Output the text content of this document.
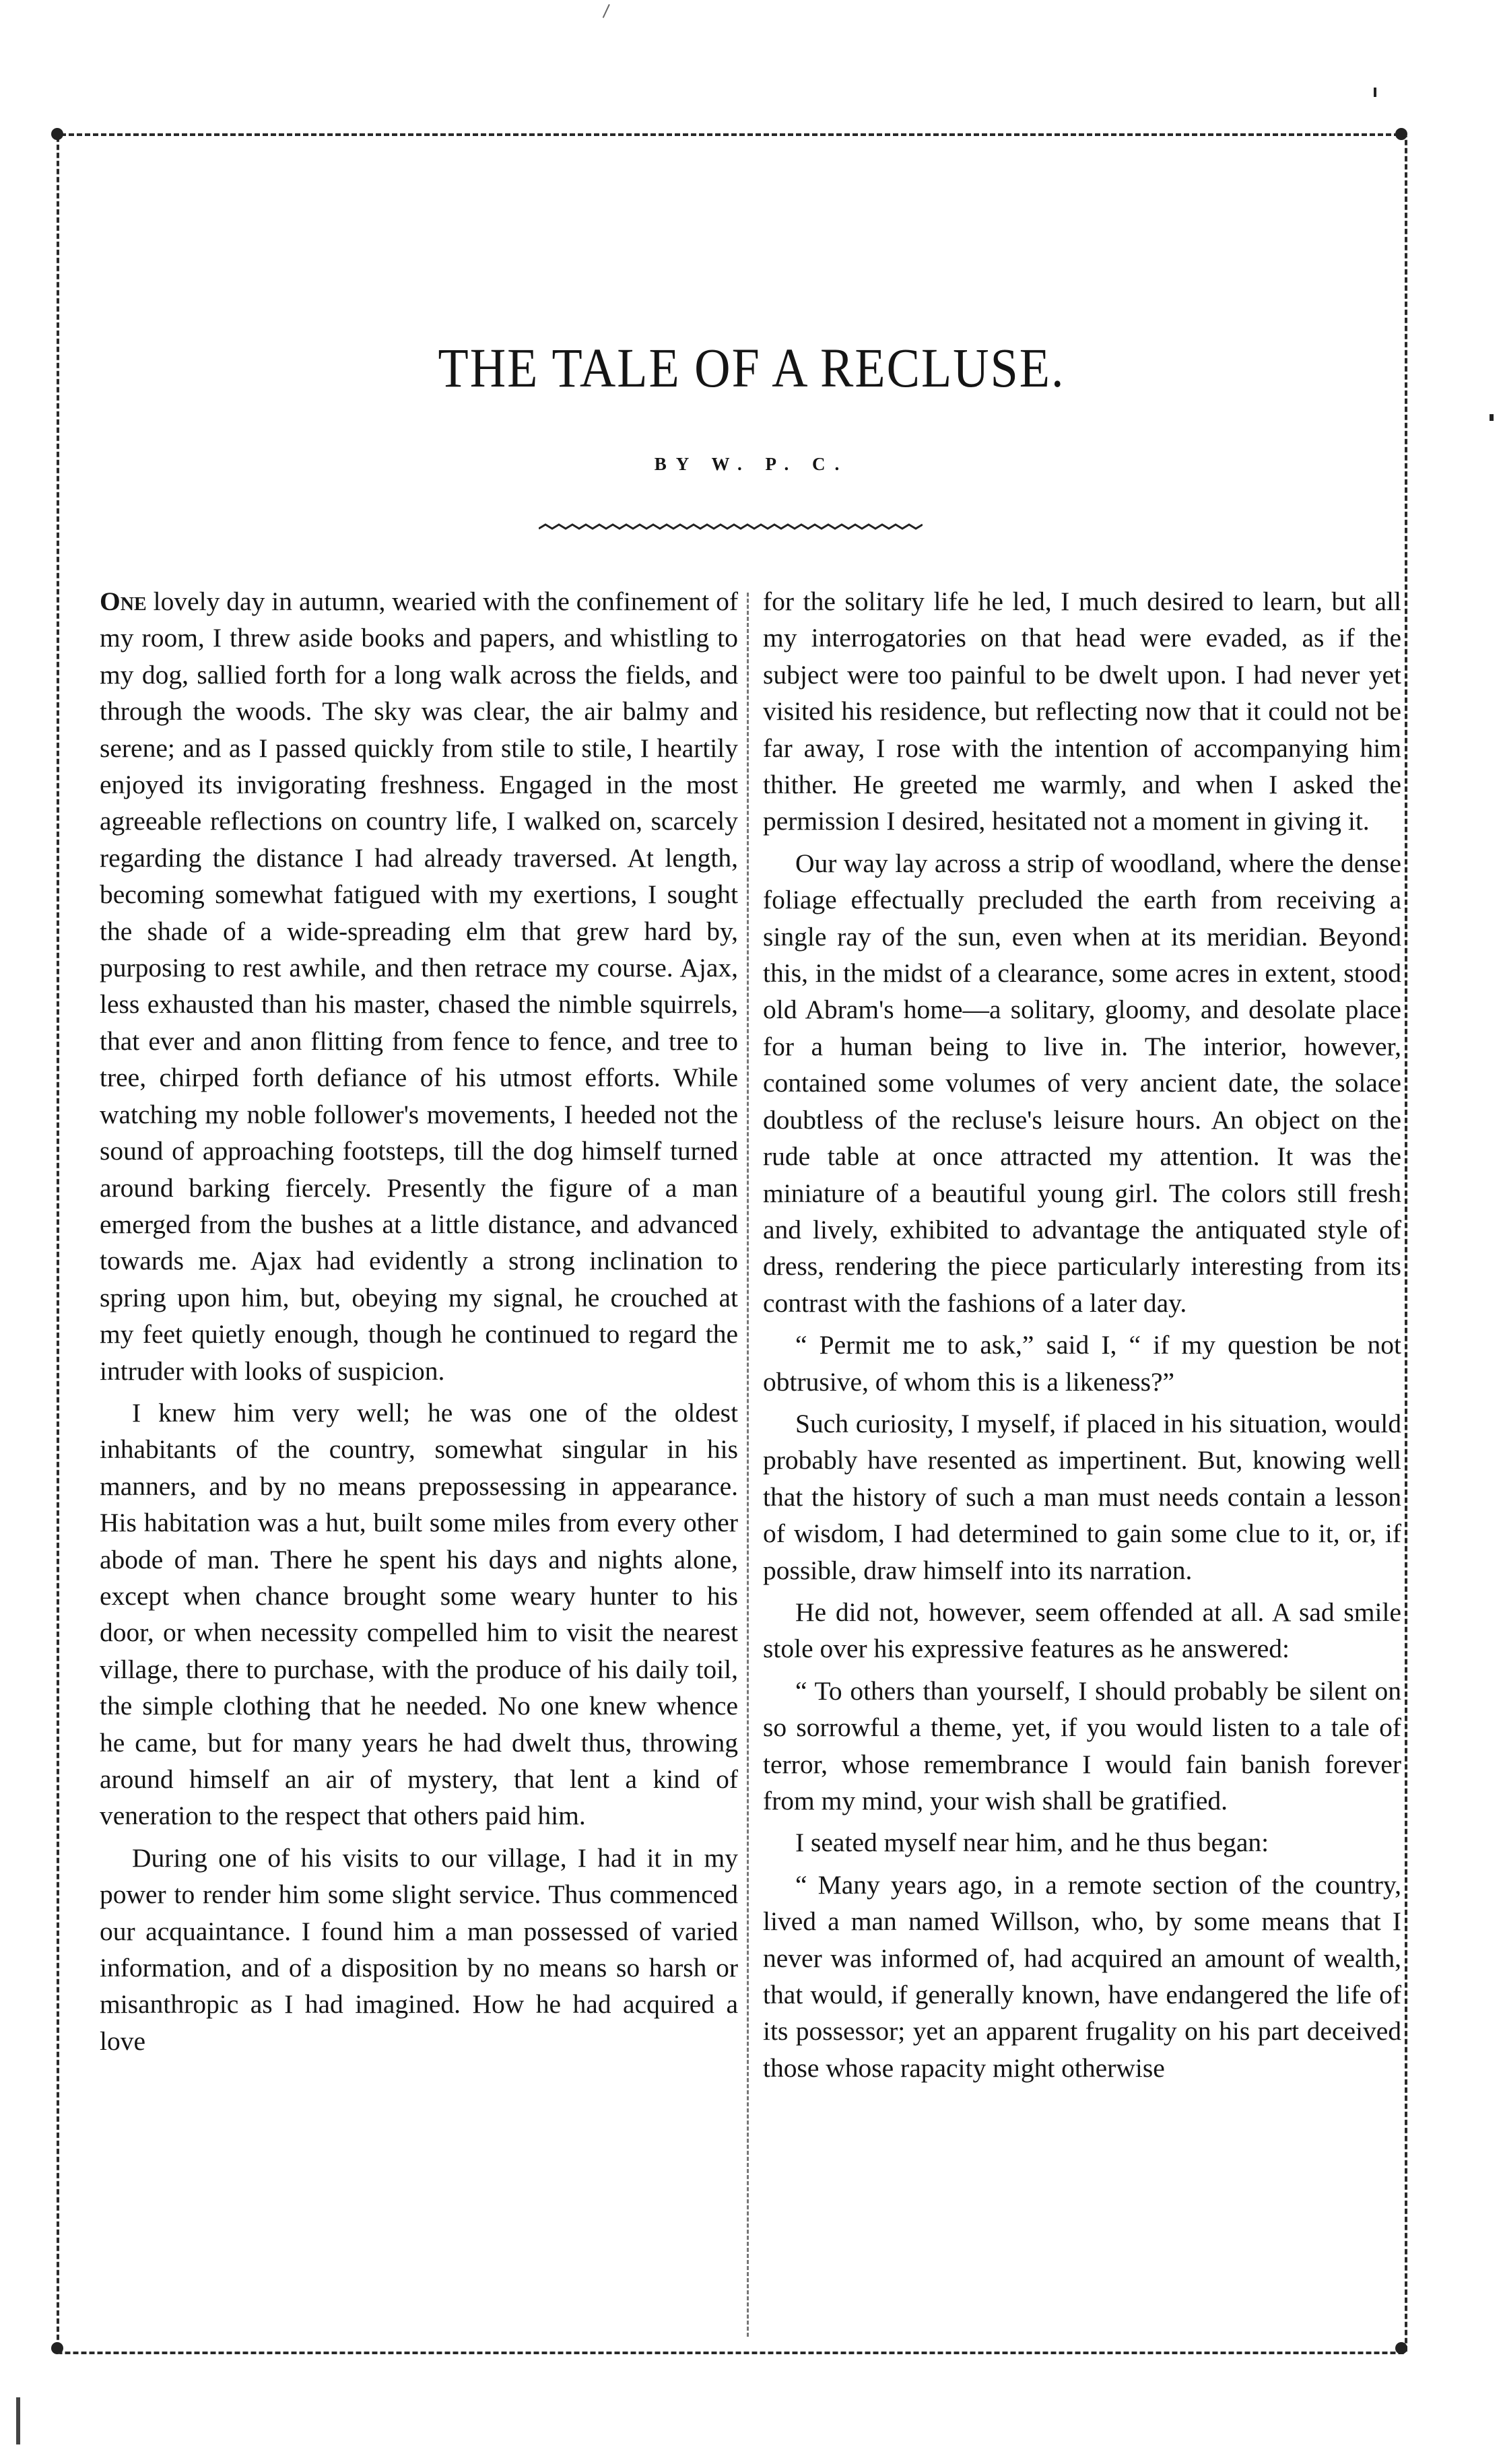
THE TALE OF A RECLUSE.
BY W. P. C.

One lovely day in autumn, wearied with the confinement of my room, I threw aside books and papers, and whistling to my dog, sallied forth for a long walk across the fields, and through the woods. The sky was clear, the air balmy and serene; and as I passed quickly from stile to stile, I heartily enjoyed its invigorating freshness. Engaged in the most agreeable reflections on country life, I walked on, scarcely regarding the distance I had already traversed. At length, becoming somewhat fatigued with my exertions, I sought the shade of a wide-spreading elm that grew hard by, purposing to rest awhile, and then retrace my course. Ajax, less exhausted than his master, chased the nimble squirrels, that ever and anon flitting from fence to fence, and tree to tree, chirped forth defiance of his utmost efforts. While watching my noble follower's movements, I heeded not the sound of approaching footsteps, till the dog himself turned around barking fiercely. Presently the figure of a man emerged from the bushes at a little distance, and advanced towards me. Ajax had evidently a strong inclination to spring upon him, but, obeying my signal, he crouched at my feet quietly enough, though he continued to regard the intruder with looks of suspicion.

I knew him very well; he was one of the oldest inhabitants of the country, somewhat singular in his manners, and by no means prepossessing in appearance. His habitation was a hut, built some miles from every other abode of man. There he spent his days and nights alone, except when chance brought some weary hunter to his door, or when necessity compelled him to visit the nearest village, there to purchase, with the produce of his daily toil, the simple clothing that he needed. No one knew whence he came, but for many years he had dwelt thus, throwing around himself an air of mystery, that lent a kind of veneration to the respect that others paid him.

During one of his visits to our village, I had it in my power to render him some slight service. Thus commenced our acquaintance. I found him a man possessed of varied information, and of a disposition by no means so harsh or misanthropic as I had imagined. How he had acquired a love

for the solitary life he led, I much desired to learn, but all my interrogatories on that head were evaded, as if the subject were too painful to be dwelt upon. I had never yet visited his residence, but reflecting now that it could not be far away, I rose with the intention of accompanying him thither. He greeted me warmly, and when I asked the permission I desired, hesitated not a moment in giving it.

Our way lay across a strip of woodland, where the dense foliage effectually precluded the earth from receiving a single ray of the sun, even when at its meridian. Beyond this, in the midst of a clearance, some acres in extent, stood old Abram's home—a solitary, gloomy, and desolate place for a human being to live in. The interior, however, contained some volumes of very ancient date, the solace doubtless of the recluse's leisure hours. An object on the rude table at once attracted my attention. It was the miniature of a beautiful young girl. The colors still fresh and lively, exhibited to advantage the antiquated style of dress, rendering the piece particularly interesting from its contrast with the fashions of a later day.

“ Permit me to ask,” said I, “ if my question be not obtrusive, of whom this is a likeness?”

Such curiosity, I myself, if placed in his situation, would probably have resented as impertinent. But, knowing well that the history of such a man must needs contain a lesson of wisdom, I had determined to gain some clue to it, or, if possible, draw himself into its narration.

He did not, however, seem offended at all. A sad smile stole over his expressive features as he answered:

“ To others than yourself, I should probably be silent on so sorrowful a theme, yet, if you would listen to a tale of terror, whose remembrance I would fain banish forever from my mind, your wish shall be gratified.

I seated myself near him, and he thus began:

“ Many years ago, in a remote section of the country, lived a man named Willson, who, by some means that I never was informed of, had acquired an amount of wealth, that would, if generally known, have endangered the life of its possessor; yet an apparent frugality on his part deceived those whose rapacity might otherwise
